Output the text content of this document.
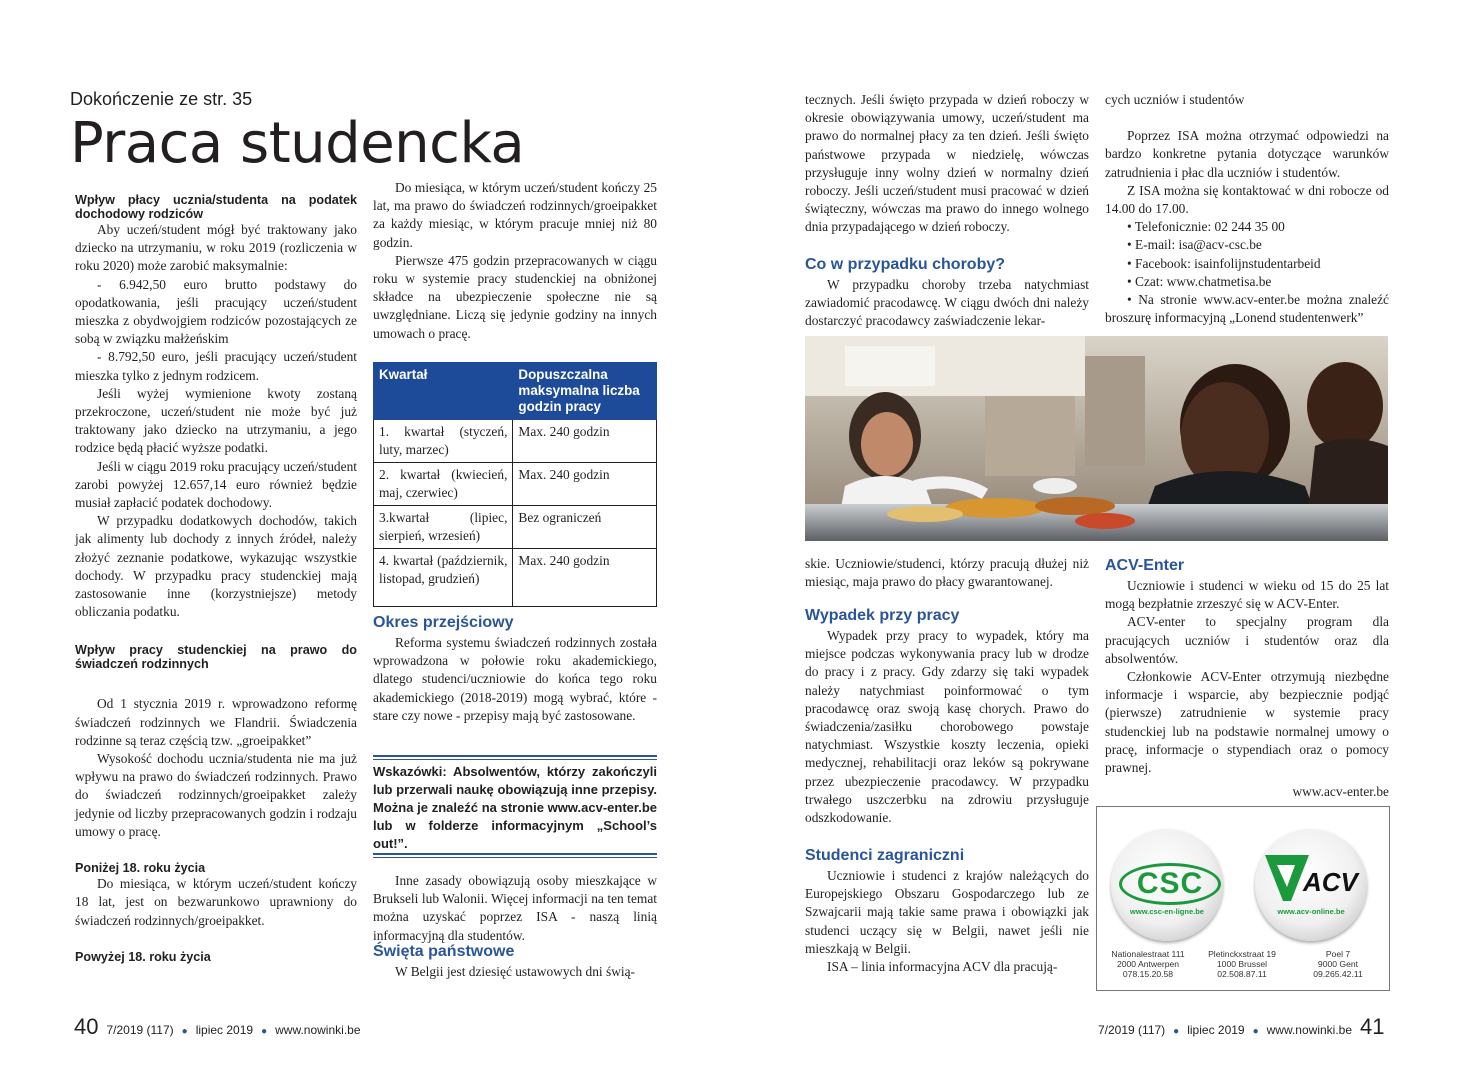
Dokończenie ze str. 35
Praca studencka
Wpływ płacy ucznia/studenta na podatek dochodowy rodziców

Aby uczeń/student mógł być traktowany jako dziecko na utrzymaniu, w roku 2019 (rozliczenia w roku 2020) może zarobić maksymalnie:

- 6.942,50 euro brutto podstawy do opodatkowania, jeśli pracujący uczeń/student mieszka z obydwojgiem rodziców pozostających ze sobą w związku małżeńskim

- 8.792,50 euro, jeśli pracujący uczeń/student mieszka tylko z jednym rodzicem.

Jeśli wyżej wymienione kwoty zostaną przekroczone, uczeń/student nie może być już traktowany jako dziecko na utrzymaniu, a jego rodzice będą płacić wyższe podatki.

Jeśli w ciągu 2019 roku pracujący uczeń/student zarobi powyżej 12.657,14 euro również będzie musiał zapłacić podatek dochodowy.

W przypadku dodatkowych dochodów, takich jak alimenty lub dochody z innych źródeł, należy złożyć zeznanie podatkowe, wykazując wszystkie dochody. W przypadku pracy studenckiej mają zastosowanie inne (korzystniejsze) metody obliczania podatku.

Wpływ pracy studenckiej na prawo do świadczeń rodzinnych

Od 1 stycznia 2019 r. wprowadzono reformę świadczeń rodzinnych we Flandrii. Świadczenia rodzinne są teraz częścią tzw. „groeipakket”

Wysokość dochodu ucznia/studenta nie ma już wpływu na prawo do świadczeń rodzinnych. Prawo do świadczeń rodzinnych/groeipakket zależy jedynie od liczby przepracowanych godzin i rodzaju umowy o pracę.

Poniżej 18. roku życia

Do miesiąca, w którym uczeń/student kończy 18 lat, jest on bezwarunkowo uprawniony do świadczeń rodzinnych/groeipakket.

Powyżej 18. roku życia

Do miesiąca, w którym uczeń/student kończy 25 lat, ma prawo do świadczeń rodzinnych/groeipakket za każdy miesiąc, w którym pracuje mniej niż 80 godzin.

Pierwsze 475 godzin przepracowanych w ciągu roku w systemie pracy studenckiej na obniżonej składce na ubezpieczenie społeczne nie są uwzględniane. Liczą się jedynie godziny na innych umowach o pracę.

Kwartał	Dopuszczalna maksymalna liczba godzin pracy
1. kwartał (styczeń, luty, marzec)	Max. 240 godzin
2. kwartał (kwiecień, maj, czerwiec)	Max. 240 godzin
3.kwartał (lipiec, sierpień, wrzesień)	Bez ograniczeń
4. kwartał (październik, listopad, grudzień)	Max. 240 godzin
Okres przejściowy

Reforma systemu świadczeń rodzinnych została wprowadzona w połowie roku akademickiego, dlatego studenci/uczniowie do końca tego roku akademickiego (2018-2019) mogą wybrać, które - stare czy nowe - przepisy mają być zastosowane.

Wskazówki: Absolwentów, którzy zakończyli lub przerwali naukę obowiązują inne przepisy. Można je znaleźć na stronie www.acv-enter.be lub w folderze informacyjnym „School’s out!”.

Inne zasady obowiązują osoby mieszkające w Brukseli lub Walonii. Więcej informacji na ten temat można uzyskać poprzez ISA - naszą linią informacyjną dla studentów.

Święta państwowe

W Belgii jest dziesięć ustawowych dni świą-

40 7/2019 (117) ● lipiec 2019 ● www.nowinki.be

tecznych. Jeśli święto przypada w dzień roboczy w okresie obowiązywania umowy, uczeń/student ma prawo do normalnej płacy za ten dzień. Jeśli święto państwowe przypada w niedzielę, wówczas przysługuje inny wolny dzień w normalny dzień roboczy. Jeśli uczeń/student musi pracować w dzień świąteczny, wówczas ma prawo do innego wolnego dnia przypadającego w dzień roboczy.

Co w przypadku choroby?

W przypadku choroby trzeba natychmiast zawiadomić pracodawcę. W ciągu dwóch dni należy dostarczyć pracodawcy zaświadczenie lekar-

skie. Uczniowie/studenci, którzy pracują dłużej niż miesiąc, maja prawo do płacy gwarantowanej.

Wypadek przy pracy

Wypadek przy pracy to wypadek, który ma miejsce podczas wykonywania pracy lub w drodze do pracy i z pracy. Gdy zdarzy się taki wypadek należy natychmiast poinformować o tym pracodawcę oraz swoją kasę chorych. Prawo do świadczenia/zasiłku chorobowego powstaje natychmiast. Wszystkie koszty leczenia, opieki medycznej, rehabilitacji oraz leków są pokrywane przez ubezpieczenie pracodawcy. W przypadku trwałego uszczerbku na zdrowiu przysługuje odszkodowanie.

Studenci zagraniczni

Uczniowie i studenci z krajów należących do Europejskiego Obszaru Gospodarczego lub ze Szwajcarii mają takie same prawa i obowiązki jak studenci uczący się w Belgii, nawet jeśli nie mieszkają w Belgii.

ISA – linia informacyjna ACV dla pracują-

cych uczniów i studentów

Poprzez ISA można otrzymać odpowiedzi na bardzo konkretne pytania dotyczące warunków zatrudnienia i płac dla uczniów i studentów.

Z ISA można się kontaktować w dni robocze od 14.00 do 17.00.

• Telefonicznie: 02 244 35 00

• E-mail: isa@acv-csc.be

• Facebook: isainfolijnstudentarbeid

• Czat: www.chatmetisa.be

• Na stronie www.acv-enter.be można znaleźć broszurę informacyjną „Lonend studentenwerk”

ACV-Enter

Uczniowie i studenci w wieku od 15 do 25 lat mogą bezpłatnie zrzeszyć się w ACV-Enter.

ACV-enter to specjalny program dla pracujących uczniów i studentów oraz dla absolwentów.

Członkowie ACV-Enter otrzymują niezbędne informacje i wsparcie, aby bezpiecznie podjąć (pierwsze) zatrudnienie w systemie pracy studenckiej lub na podstawie normalnej umowy o pracę, informacje o stypendiach oraz o pomocy prawnej.

www.acv-enter.be

CSC
www.csc-en-ligne.be
ACV
www.acv-online.be
Nationalestraat 111
2000 Antwerpen
078.15.20.58
Pletinckxstraat 19
1000 Brussel
02.508.87.11
Poel 7
9000 Gent
09.265.42.11
7/2019 (117) ● lipiec 2019 ● www.nowinki.be 41
